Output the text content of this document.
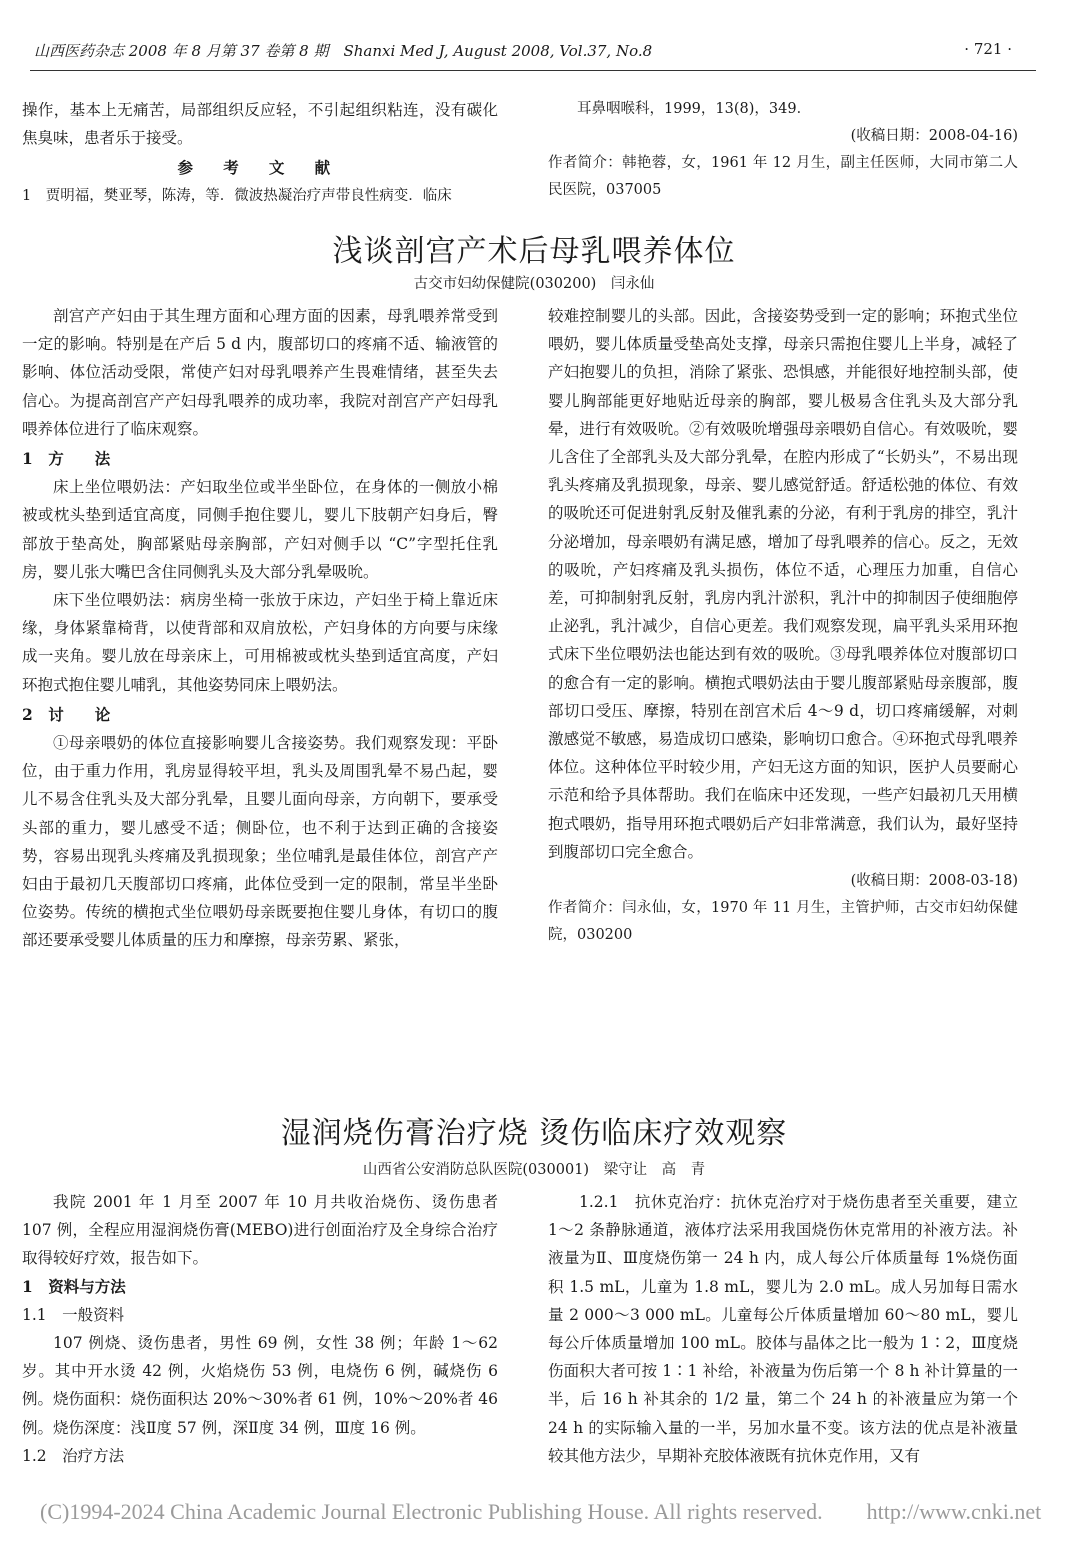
山西医药杂志 2008 年 8 月第 37 卷第 8 期　Shanxi Med J, August 2008, Vol.37, No.8	· 721 ·

操作，基本上无痛苦，局部组织反应轻，不引起组织粘连，没有碳化焦臭味，患者乐于接受。

参 考 文 献

1　贾明福，樊亚琴，陈涛，等．微波热凝治疗声带良性病变．临床

耳鼻咽喉科，1999，13(8)，349．

(收稿日期：2008-04-16)

作者简介：韩艳蓉，女，1961 年 12 月生，副主任医师，大同市第二人民医院，037005

浅谈剖宫产术后母乳喂养体位
古交市妇幼保健院(030200)　闫永仙

剖宫产产妇由于其生理方面和心理方面的因素，母乳喂养常受到一定的影响。特别是在产后 5 d 内，腹部切口的疼痛不适、输液管的影响、体位活动受限，常使产妇对母乳喂养产生畏难情绪，甚至失去信心。为提高剖宫产产妇母乳喂养的成功率，我院对剖宫产产妇母乳喂养体位进行了临床观察。

1　方　　法

床上坐位喂奶法：产妇取坐位或半坐卧位，在身体的一侧放小棉被或枕头垫到适宜高度，同侧手抱住婴儿，婴儿下肢朝产妇身后，臀部放于垫高处，胸部紧贴母亲胸部，产妇对侧手以 “C”字型托住乳房，婴儿张大嘴巴含住同侧乳头及大部分乳晕吸吮。

床下坐位喂奶法：病房坐椅一张放于床边，产妇坐于椅上靠近床缘，身体紧靠椅背，以使背部和双肩放松，产妇身体的方向要与床缘成一夹角。婴儿放在母亲床上，可用棉被或枕头垫到适宜高度，产妇环抱式抱住婴儿哺乳，其他姿势同床上喂奶法。

2　讨　　论

①母亲喂奶的体位直接影响婴儿含接姿势。我们观察发现：平卧位，由于重力作用，乳房显得较平坦，乳头及周围乳晕不易凸起，婴儿不易含住乳头及大部分乳晕，且婴儿面向母亲，方向朝下，要承受头部的重力，婴儿感受不适；侧卧位，也不利于达到正确的含接姿势，容易出现乳头疼痛及乳损现象；坐位哺乳是最佳体位，剖宫产产妇由于最初几天腹部切口疼痛，此体位受到一定的限制，常呈半坐卧位姿势。传统的横抱式坐位喂奶母亲既要抱住婴儿身体，有切口的腹部还要承受婴儿体质量的压力和摩擦，母亲劳累、紧张，

较难控制婴儿的头部。因此，含接姿势受到一定的影响；环抱式坐位喂奶，婴儿体质量受垫高处支撑，母亲只需抱住婴儿上半身，减轻了产妇抱婴儿的负担，消除了紧张、恐惧感，并能很好地控制头部，使婴儿胸部能更好地贴近母亲的胸部，婴儿极易含住乳头及大部分乳晕，进行有效吸吮。②有效吸吮增强母亲喂奶自信心。有效吸吮，婴儿含住了全部乳头及大部分乳晕，在腔内形成了“长奶头”，不易出现乳头疼痛及乳损现象，母亲、婴儿感觉舒适。舒适松弛的体位、有效的吸吮还可促进射乳反射及催乳素的分泌，有利于乳房的排空，乳汁分泌增加，母亲喂奶有满足感，增加了母乳喂养的信心。反之，无效的吸吮，产妇疼痛及乳头损伤，体位不适，心理压力加重，自信心差，可抑制射乳反射，乳房内乳汁淤积，乳汁中的抑制因子使细胞停止泌乳，乳汁减少，自信心更差。我们观察发现，扁平乳头采用环抱式床下坐位喂奶法也能达到有效的吸吮。③母乳喂养体位对腹部切口的愈合有一定的影响。横抱式喂奶法由于婴儿腹部紧贴母亲腹部，腹部切口受压、摩擦，特别在剖宫术后 4～9 d，切口疼痛缓解，对刺激感觉不敏感，易造成切口感染，影响切口愈合。④环抱式母乳喂养体位。这种体位平时较少用，产妇无这方面的知识，医护人员要耐心示范和给予具体帮助。我们在临床中还发现，一些产妇最初几天用横抱式喂奶，指导用环抱式喂奶后产妇非常满意，我们认为，最好坚持到腹部切口完全愈合。

(收稿日期：2008-03-18)

作者简介：闫永仙，女，1970 年 11 月生，主管护师，古交市妇幼保健院，030200

湿润烧伤膏治疗烧 烫伤临床疗效观察
山西省公安消防总队医院(030001)　梁守让　高　青

我院 2001 年 1 月至 2007 年 10 月共收治烧伤、烫伤患者 107 例，全程应用湿润烧伤膏(MEBO)进行创面治疗及全身综合治疗取得较好疗效，报告如下。

1　资料与方法

1.1　一般资料

107 例烧、烫伤患者，男性 69 例，女性 38 例；年龄 1～62 岁。其中开水烫 42 例，火焰烧伤 53 例，电烧伤 6 例，碱烧伤 6 例。烧伤面积：烧伤面积达 20%～30%者 61 例，10%～20%者 46 例。烧伤深度：浅Ⅱ度 57 例，深Ⅱ度 34 例，Ⅲ度 16 例。

1.2　治疗方法

1.2.1　抗休克治疗：抗休克治疗对于烧伤患者至关重要，建立 1～2 条静脉通道，液体疗法采用我国烧伤休克常用的补液方法。补液量为Ⅱ、Ⅲ度烧伤第一 24 h 内，成人每公斤体质量每 1%烧伤面积 1.5 mL，儿童为 1.8 mL，婴儿为 2.0 mL。成人另加每日需水量 2 000～3 000 mL。儿童每公斤体质量增加 60～80 mL，婴儿每公斤体质量增加 100 mL。胶体与晶体之比一般为 1∶2，Ⅲ度烧伤面积大者可按 1∶1 补给，补液量为伤后第一个 8 h 补计算量的一半，后 16 h 补其余的 1/2 量，第二个 24 h 的补液量应为第一个 24 h 的实际输入量的一半，另加水量不变。该方法的优点是补液量较其他方法少，早期补充胶体液既有抗休克作用，又有

(C)1994-2024 China Academic Journal Electronic Publishing House. All rights reserved.　　http://www.cnki.net
